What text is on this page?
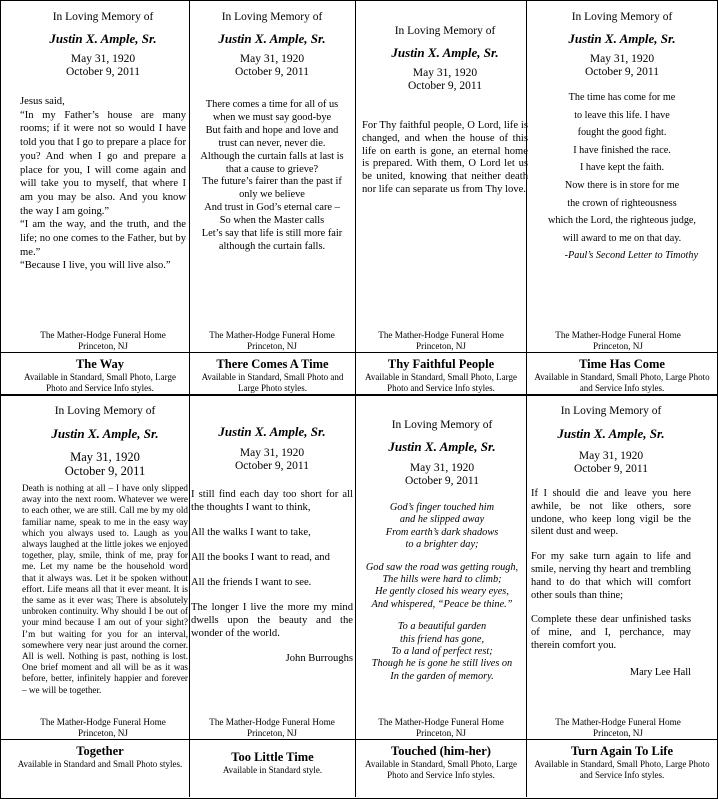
In Loving Memory of
Justin X. Ample, Sr.
May 31, 1920
October 9, 2011

Jesus said,

“In my Father’s house are many rooms; if it were not so would I have told you that I go to prepare a place for you? And when I go and prepare a place for you, I will come again and will take you to myself, that where I am you may be also. And you know the way I am going.”

“I am the way, and the truth, and the life; no one comes to the Father, but by me.”

“Because I live, you will live also.”

The Mather-Hodge Funeral Home
Princeton, NJ
In Loving Memory of
Justin X. Ample, Sr.
May 31, 1920
October 9, 2011
There comes a time for all of us
when we must say good-bye
But faith and hope and love and
trust can never, never die.
Although the curtain falls at last is
that a cause to grieve?
The future’s fairer than the past if
only we believe
And trust in God’s eternal care –
So when the Master calls
Let’s say that life is still more fair
although the curtain falls.
The Mather-Hodge Funeral Home
Princeton, NJ
In Loving Memory of
Justin X. Ample, Sr.
May 31, 1920
October 9, 2011
For Thy faithful people, O Lord, life is changed, and when the house of this life on earth is gone, an eternal home is prepared. With them, O Lord let us be united, knowing that neither death nor life can separate us from Thy love.
The Mather-Hodge Funeral Home
Princeton, NJ
In Loving Memory of
Justin X. Ample, Sr.
May 31, 1920
October 9, 2011
The time has come for me
to leave this life. I have
fought the good fight.
I have finished the race.
I have kept the faith.
Now there is in store for me
the crown of righteousness
which the Lord, the righteous judge,
will award to me on that day.
-Paul’s Second Letter to Timothy
The Mather-Hodge Funeral Home
Princeton, NJ
The Way
Available in Standard, Small Photo, Large Photo and Service Info styles.
There Comes A Time
Available in Standard, Small Photo and Large Photo styles.
Thy Faithful People
Available in Standard, Small Photo, Large Photo and Service Info styles.
Time Has Come
Available in Standard, Small Photo, Large Photo and Service Info styles.
In Loving Memory of
Justin X. Ample, Sr.
May 31, 1920
October 9, 2011
Death is nothing at all – I have only slipped away into the next room. Whatever we were to each other, we are still. Call me by my old familiar name, speak to me in the easy way which you always used to. Laugh as you always laughed at the little jokes we enjoyed together, play, smile, think of me, pray for me. Let my name be the household word that it always was. Let it be spoken without effort. Life means all that it ever meant. It is the same as it ever was; There is absolutely unbroken continuity. Why should I be out of your mind because I am out of your sight? I’m but waiting for you for an interval, somewhere very near just around the corner. All is well. Nothing is past, nothing is lost. One brief moment and all will be as it was before, better, infinitely happier and forever – we will be together.
The Mather-Hodge Funeral Home
Princeton, NJ
Justin X. Ample, Sr.
May 31, 1920
October 9, 2011

I still find each day too short for all the thoughts I want to think,

All the walks I want to take,

All the books I want to read, and

All the friends I want to see.

The longer I live the more my mind dwells upon the beauty and the wonder of the world.

John Burroughs
The Mather-Hodge Funeral Home
Princeton, NJ
In Loving Memory of
Justin X. Ample, Sr.
May 31, 1920
October 9, 2011
God’s finger touched him
and he slipped away
From earth’s dark shadows
to a brighter day;
God saw the road was getting rough,
The hills were hard to climb;
He gently closed his weary eyes,
And whispered, “Peace be thine.”
To a beautiful garden
this friend has gone,
To a land of perfect rest;
Though he is gone he still lives on
In the garden of memory.
The Mather-Hodge Funeral Home
Princeton, NJ
In Loving Memory of
Justin X. Ample, Sr.
May 31, 1920
October 9, 2011

If I should die and leave you here awhile, be not like others, sore undone, who keep long vigil be the silent dust and weep.

For my sake turn again to life and smile, nerving thy heart and trembling hand to do that which will comfort other souls than thine;

Complete these dear unfinished tasks of mine, and I, perchance, may therein comfort you.

Mary Lee Hall
The Mather-Hodge Funeral Home
Princeton, NJ
Together
Available in Standard and Small Photo styles.	Too Little Time
Available in Standard style.
Touched (him-her)
Available in Standard, Small Photo, Large Photo and Service Info styles.
Turn Again To Life
Available in Standard, Small Photo, Large Photo and Service Info styles.
